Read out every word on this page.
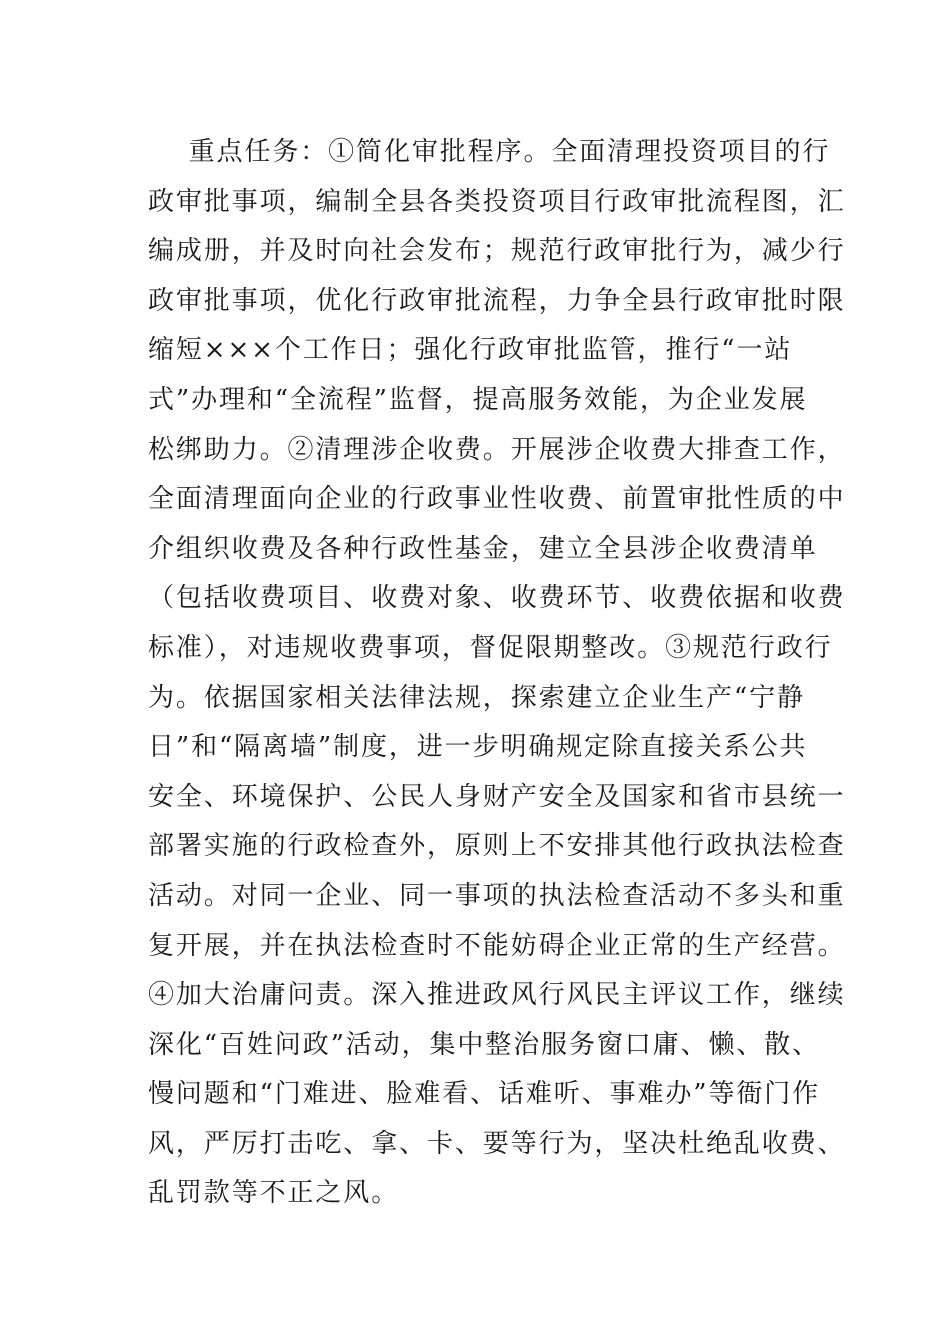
重点任务：①简化审批程序。全面清理投资项目的行
政审批事项，编制全县各类投资项目行政审批流程图，汇
编成册，并及时向社会发布；规范行政审批行为，减少行
政审批事项，优化行政审批流程，力争全县行政审批时限
缩短×××个工作日；强化行政审批监管，推行“一站
式”办理和“全流程”监督，提高服务效能，为企业发展
松绑助力。②清理涉企收费。开展涉企收费大排查工作，
全面清理面向企业的行政事业性收费、前置审批性质的中
介组织收费及各种行政性基金，建立全县涉企收费清单
（包括收费项目、收费对象、收费环节、收费依据和收费
标准），对违规收费事项，督促限期整改。③规范行政行
为。依据国家相关法律法规，探索建立企业生产“宁静
日”和“隔离墙”制度，进一步明确规定除直接关系公共
安全、环境保护、公民人身财产安全及国家和省市县统一
部署实施的行政检查外，原则上不安排其他行政执法检查
活动。对同一企业、同一事项的执法检查活动不多头和重
复开展，并在执法检查时不能妨碍企业正常的生产经营。
④加大治庸问责。深入推进政风行风民主评议工作，继续
深化“百姓问政”活动，集中整治服务窗口庸、懒、散、
慢问题和“门难进、脸难看、话难听、事难办”等衙门作
风，严厉打击吃、拿、卡、要等行为，坚决杜绝乱收费、
乱罚款等不正之风。
